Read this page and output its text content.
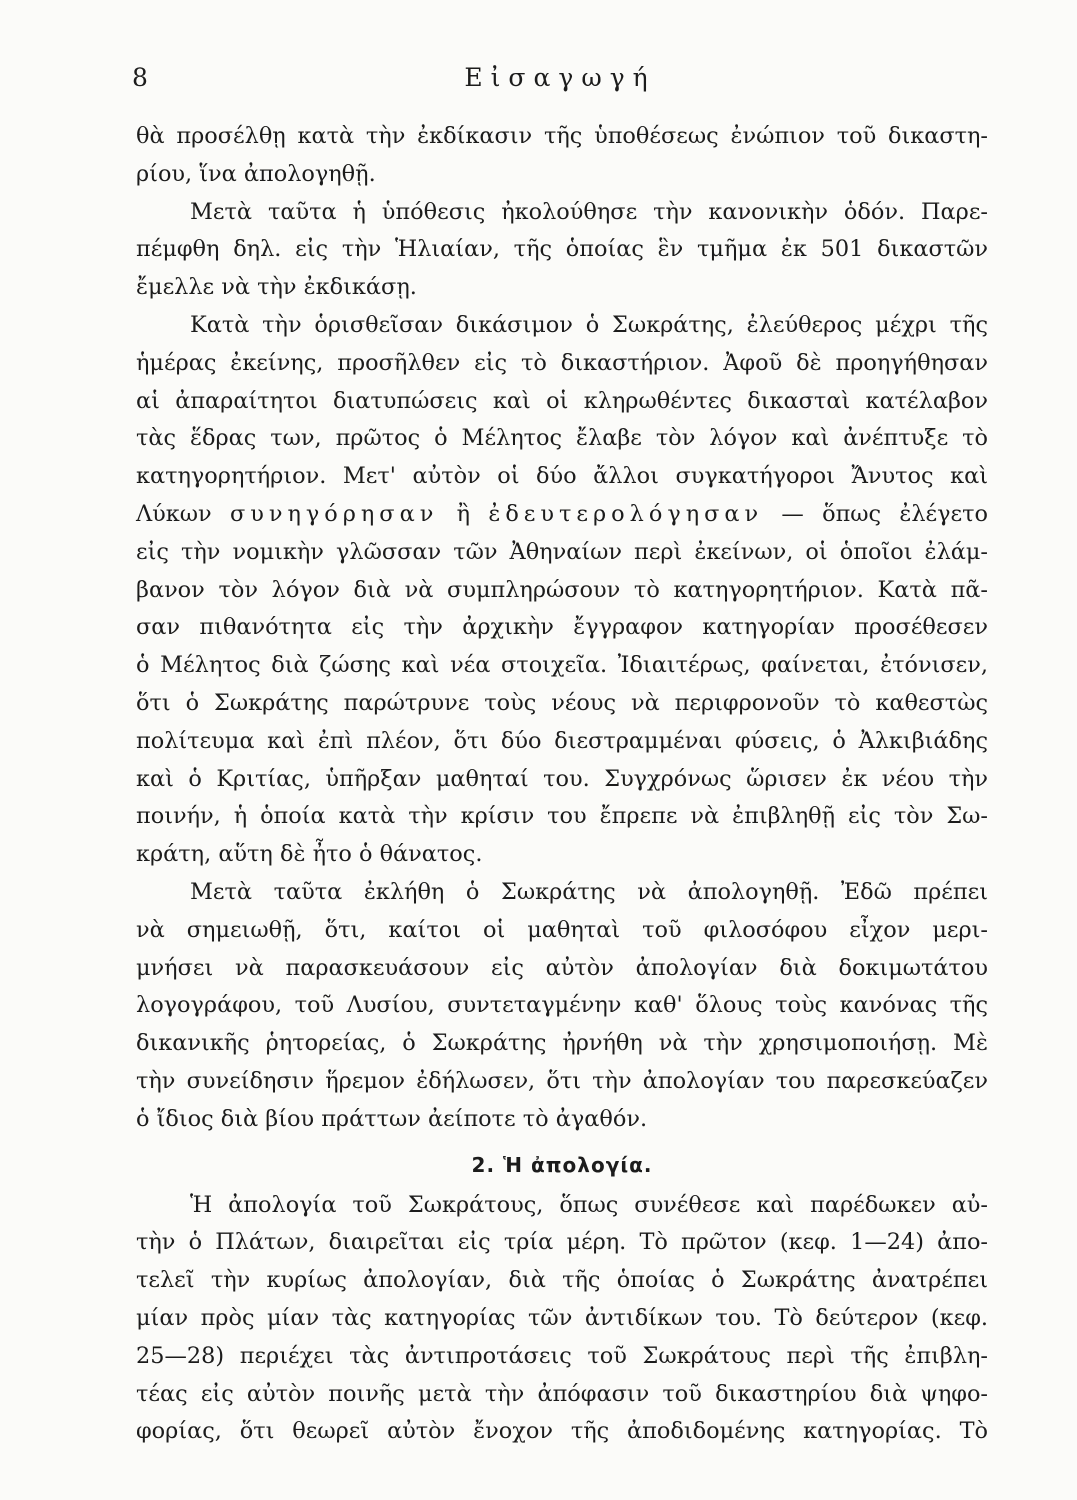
8	Εἰσαγωγή

θὰ προσέλθῃ κατὰ τὴν ἐκδίκασιν τῆς ὑποθέσεως ἐνώπιον τοῦ δικαστη-
ρίου, ἵνα ἀπολογηθῇ.

Μετὰ ταῦτα ἡ ὑπόθεσις ἠκολούθησε τὴν κανονικὴν ὁδόν. Παρε-
πέμφθη δηλ. εἰς τὴν Ἡλιαίαν, τῆς ὁποίας ἓν τμῆμα ἐκ 501 δικαστῶν
ἔμελλε νὰ τὴν ἐκδικάσῃ.

Κατὰ τὴν ὁρισθεῖσαν δικάσιμον ὁ Σωκράτης, ἐλεύθερος μέχρι τῆς
ἡμέρας ἐκείνης, προσῆλθεν εἰς τὸ δικαστήριον. Ἀφοῦ δὲ προηγήθησαν
αἱ ἀπαραίτητοι διατυπώσεις καὶ οἱ κληρωθέντες δικασταὶ κατέλαβον
τὰς ἕδρας των, πρῶτος ὁ Μέλητος ἔλαβε τὸν λόγον καὶ ἀνέπτυξε τὸ
κατηγορητήριον. Μετ' αὐτὸν οἱ δύο ἄλλοι συγκατήγοροι Ἄνυτος καὶ
Λύκων συνηγόρησαν ἢ ἐδευτερολόγησαν — ὅπως ἐλέγετο
εἰς τὴν νομικὴν γλῶσσαν τῶν Ἀθηναίων περὶ ἐκείνων, οἱ ὁποῖοι ἐλάμ-
βανον τὸν λόγον διὰ νὰ συμπληρώσουν τὸ κατηγορητήριον. Κατὰ πᾶ-
σαν πιθανότητα εἰς τὴν ἀρχικὴν ἔγγραφον κατηγορίαν προσέθεσεν
ὁ Μέλητος διὰ ζώσης καὶ νέα στοιχεῖα. Ἰδιαιτέρως, φαίνεται, ἐτόνισεν,
ὅτι ὁ Σωκράτης παρώτρυνε τοὺς νέους νὰ περιφρονοῦν τὸ καθεστὼς
πολίτευμα καὶ ἐπὶ πλέον, ὅτι δύο διεστραμμέναι φύσεις, ὁ Ἀλκιβιάδης
καὶ ὁ Κριτίας, ὑπῆρξαν μαθηταί του. Συγχρόνως ὥρισεν ἐκ νέου τὴν
ποινήν, ἡ ὁποία κατὰ τὴν κρίσιν του ἔπρεπε νὰ ἐπιβληθῇ εἰς τὸν Σω-
κράτη, αὕτη δὲ ἦτο ὁ θάνατος.

Μετὰ ταῦτα ἐκλήθη ὁ Σωκράτης νὰ ἀπολογηθῇ. Ἐδῶ πρέπει
νὰ σημειωθῇ, ὅτι, καίτοι οἱ μαθηταὶ τοῦ φιλοσόφου εἶχον μερι-
μνήσει νὰ παρασκευάσουν εἰς αὐτὸν ἀπολογίαν διὰ δοκιμωτάτου
λογογράφου, τοῦ Λυσίου, συντεταγμένην καθ' ὅλους τοὺς κανόνας τῆς
δικανικῆς ῥητορείας, ὁ Σωκράτης ἠρνήθη νὰ τὴν χρησιμοποιήσῃ. Μὲ
τὴν συνείδησιν ἥρεμον ἐδήλωσεν, ὅτι τὴν ἀπολογίαν του παρεσκεύαζεν
ὁ ἴδιος διὰ βίου πράττων ἀείποτε τὸ ἀγαθόν.

2. Ἡ ἀπολογία.

Ἡ ἀπολογία τοῦ Σωκράτους, ὅπως συνέθεσε καὶ παρέδωκεν αὐ-
τὴν ὁ Πλάτων, διαιρεῖται εἰς τρία μέρη. Τὸ πρῶτον (κεφ. 1—24) ἀπο-
τελεῖ τὴν κυρίως ἀπολογίαν, διὰ τῆς ὁποίας ὁ Σωκράτης ἀνατρέπει
μίαν πρὸς μίαν τὰς κατηγορίας τῶν ἀντιδίκων του. Τὸ δεύτερον (κεφ.
25—28) περιέχει τὰς ἀντιπροτάσεις τοῦ Σωκράτους περὶ τῆς ἐπιβλη-
τέας εἰς αὐτὸν ποινῆς μετὰ τὴν ἀπόφασιν τοῦ δικαστηρίου διὰ ψηφο-
φορίας, ὅτι θεωρεῖ αὐτὸν ἔνοχον τῆς ἀποδιδομένης κατηγορίας. Τὸ
